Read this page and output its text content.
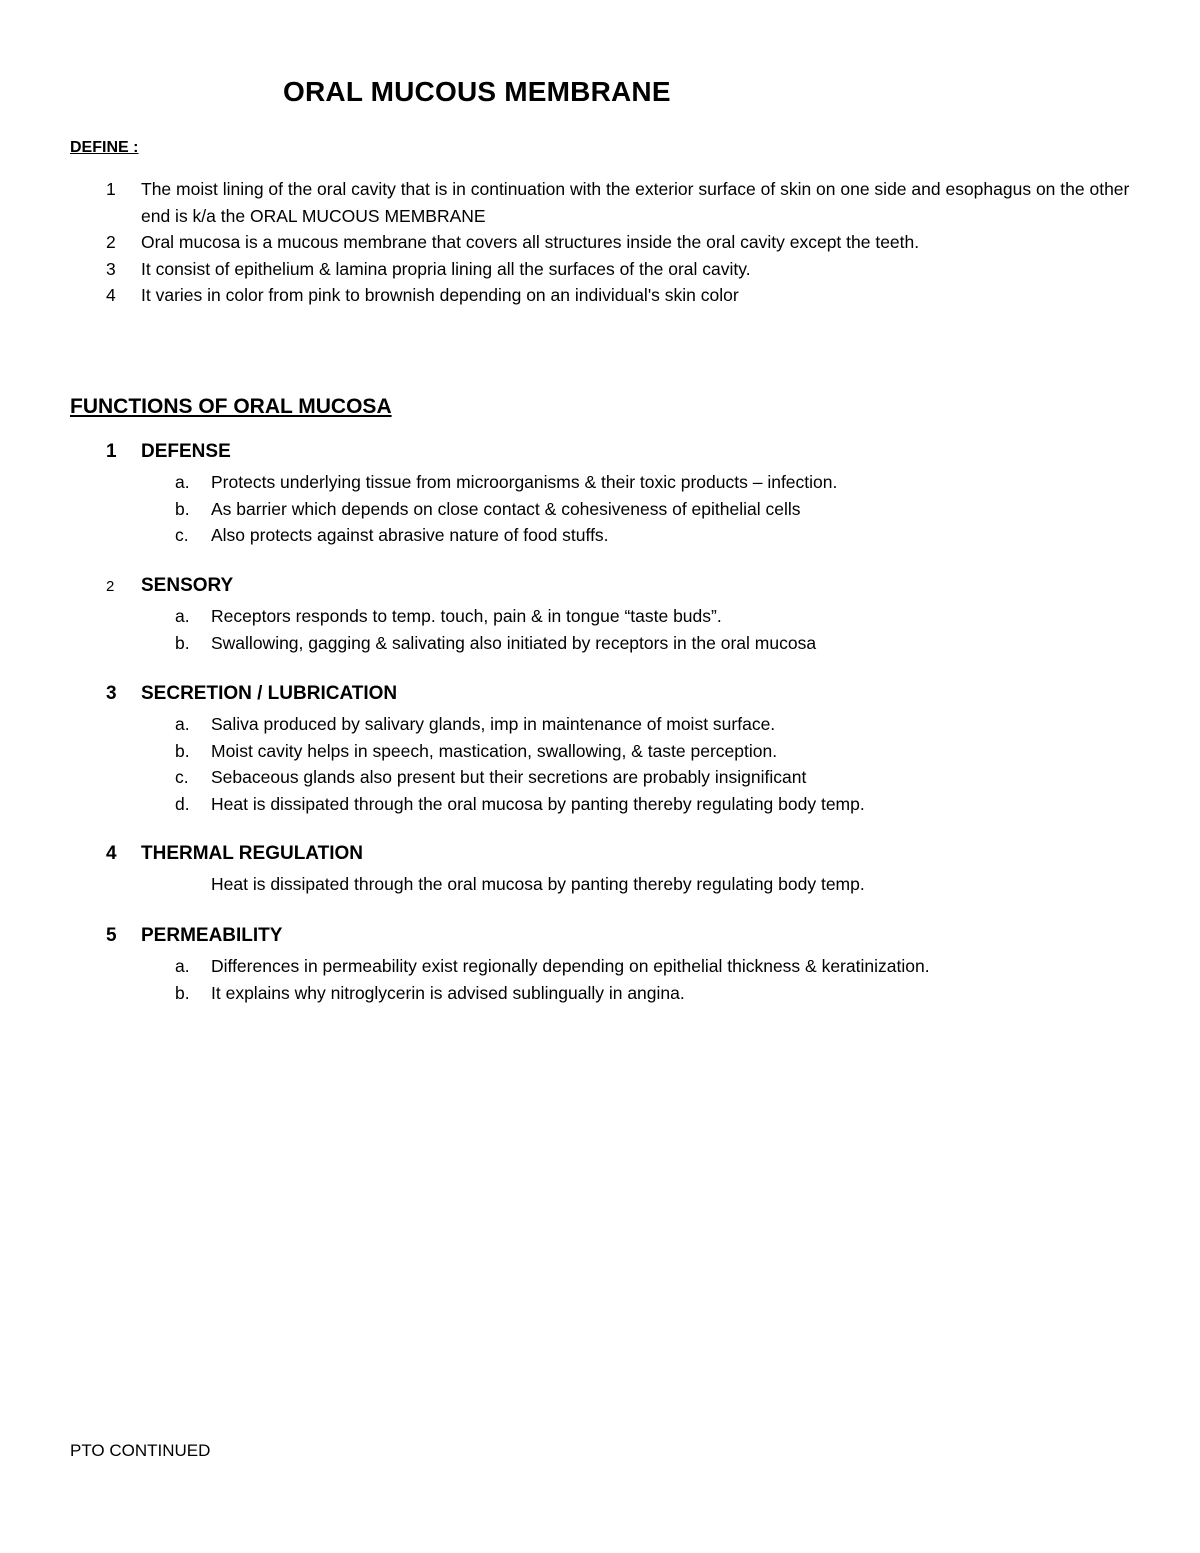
ORAL MUCOUS MEMBRANE
DEFINE :
1	The moist lining of the oral cavity that is in continuation with the exterior surface of skin on one side and esophagus on the other end is k/a the ORAL MUCOUS MEMBRANE
2	Oral mucosa is a mucous membrane that covers all structures inside the oral cavity except the teeth.
3	It consist of epithelium & lamina propria lining all the surfaces of the oral cavity.
4	It varies in color from pink to brownish depending on an individual's skin color
FUNCTIONS OF ORAL MUCOSA
1 DEFENSE
a. Protects underlying tissue from microorganisms & their toxic products – infection.
b. As barrier which depends on close contact & cohesiveness of epithelial cells
c. Also protects against abrasive nature of food stuffs.
2 SENSORY
a. Receptors responds to temp. touch, pain & in tongue “taste buds”.
b. Swallowing, gagging & salivating also initiated by receptors in the oral mucosa
3 SECRETION / LUBRICATION
a. Saliva produced by salivary glands, imp in maintenance of moist surface.
b. Moist cavity helps in speech, mastication, swallowing, & taste perception.
c. Sebaceous glands also present but their secretions are probably insignificant
d. Heat is dissipated through the oral mucosa by panting thereby regulating body temp.
4 THERMAL REGULATION
Heat is dissipated through the oral mucosa by panting thereby regulating body temp.
5 PERMEABILITY
a. Differences in permeability exist regionally depending on epithelial thickness & keratinization.
b. It explains why nitroglycerin is advised sublingually in angina.
PTO CONTINUED
